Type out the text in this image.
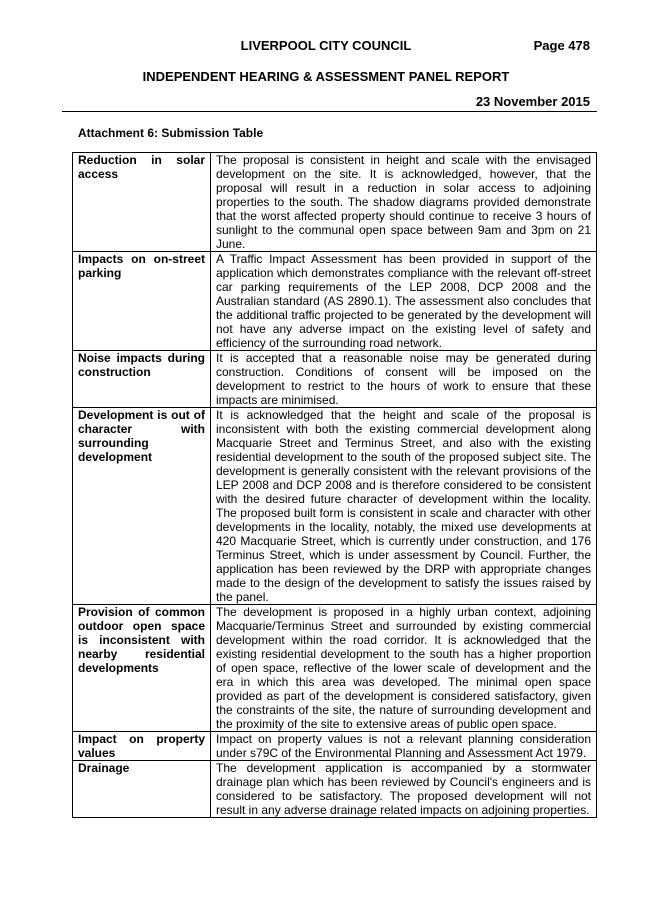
LIVERPOOL CITY COUNCIL	Page 478
INDEPENDENT HEARING & ASSESSMENT PANEL REPORT
23 November 2015
Attachment 6: Submission Table
Reduction in solar access	The proposal is consistent in height and scale with the envisaged development on the site. It is acknowledged, however, that the proposal will result in a reduction in solar access to adjoining properties to the south. The shadow diagrams provided demonstrate that the worst affected property should continue to receive 3 hours of sunlight to the communal open space between 9am and 3pm on 21 June.
Impacts on on-street parking	A Traffic Impact Assessment has been provided in support of the application which demonstrates compliance with the relevant off-street car parking requirements of the LEP 2008, DCP 2008 and the Australian standard (AS 2890.1). The assessment also concludes that the additional traffic projected to be generated by the development will not have any adverse impact on the existing level of safety and efficiency of the surrounding road network.
Noise impacts during construction	It is accepted that a reasonable noise may be generated during construction. Conditions of consent will be imposed on the development to restrict to the hours of work to ensure that these impacts are minimised.
Development is out of character with surrounding development	It is acknowledged that the height and scale of the proposal is inconsistent with both the existing commercial development along Macquarie Street and Terminus Street, and also with the existing residential development to the south of the proposed subject site. The development is generally consistent with the relevant provisions of the LEP 2008 and DCP 2008 and is therefore considered to be consistent with the desired future character of development within the locality. The proposed built form is consistent in scale and character with other developments in the locality, notably, the mixed use developments at 420 Macquarie Street, which is currently under construction, and 176 Terminus Street, which is under assessment by Council. Further, the application has been reviewed by the DRP with appropriate changes made to the design of the development to satisfy the issues raised by the panel.
Provision of common outdoor open space is inconsistent with nearby residential developments	The development is proposed in a highly urban context, adjoining Macquarie/Terminus Street and surrounded by existing commercial development within the road corridor. It is acknowledged that the existing residential development to the south has a higher proportion of open space, reflective of the lower scale of development and the era in which this area was developed. The minimal open space provided as part of the development is considered satisfactory, given the constraints of the site, the nature of surrounding development and the proximity of the site to extensive areas of public open space.
Impact on property values	Impact on property values is not a relevant planning consideration under s79C of the Environmental Planning and Assessment Act 1979.
Drainage	The development application is accompanied by a stormwater drainage plan which has been reviewed by Council's engineers and is considered to be satisfactory. The proposed development will not result in any adverse drainage related impacts on adjoining properties.
